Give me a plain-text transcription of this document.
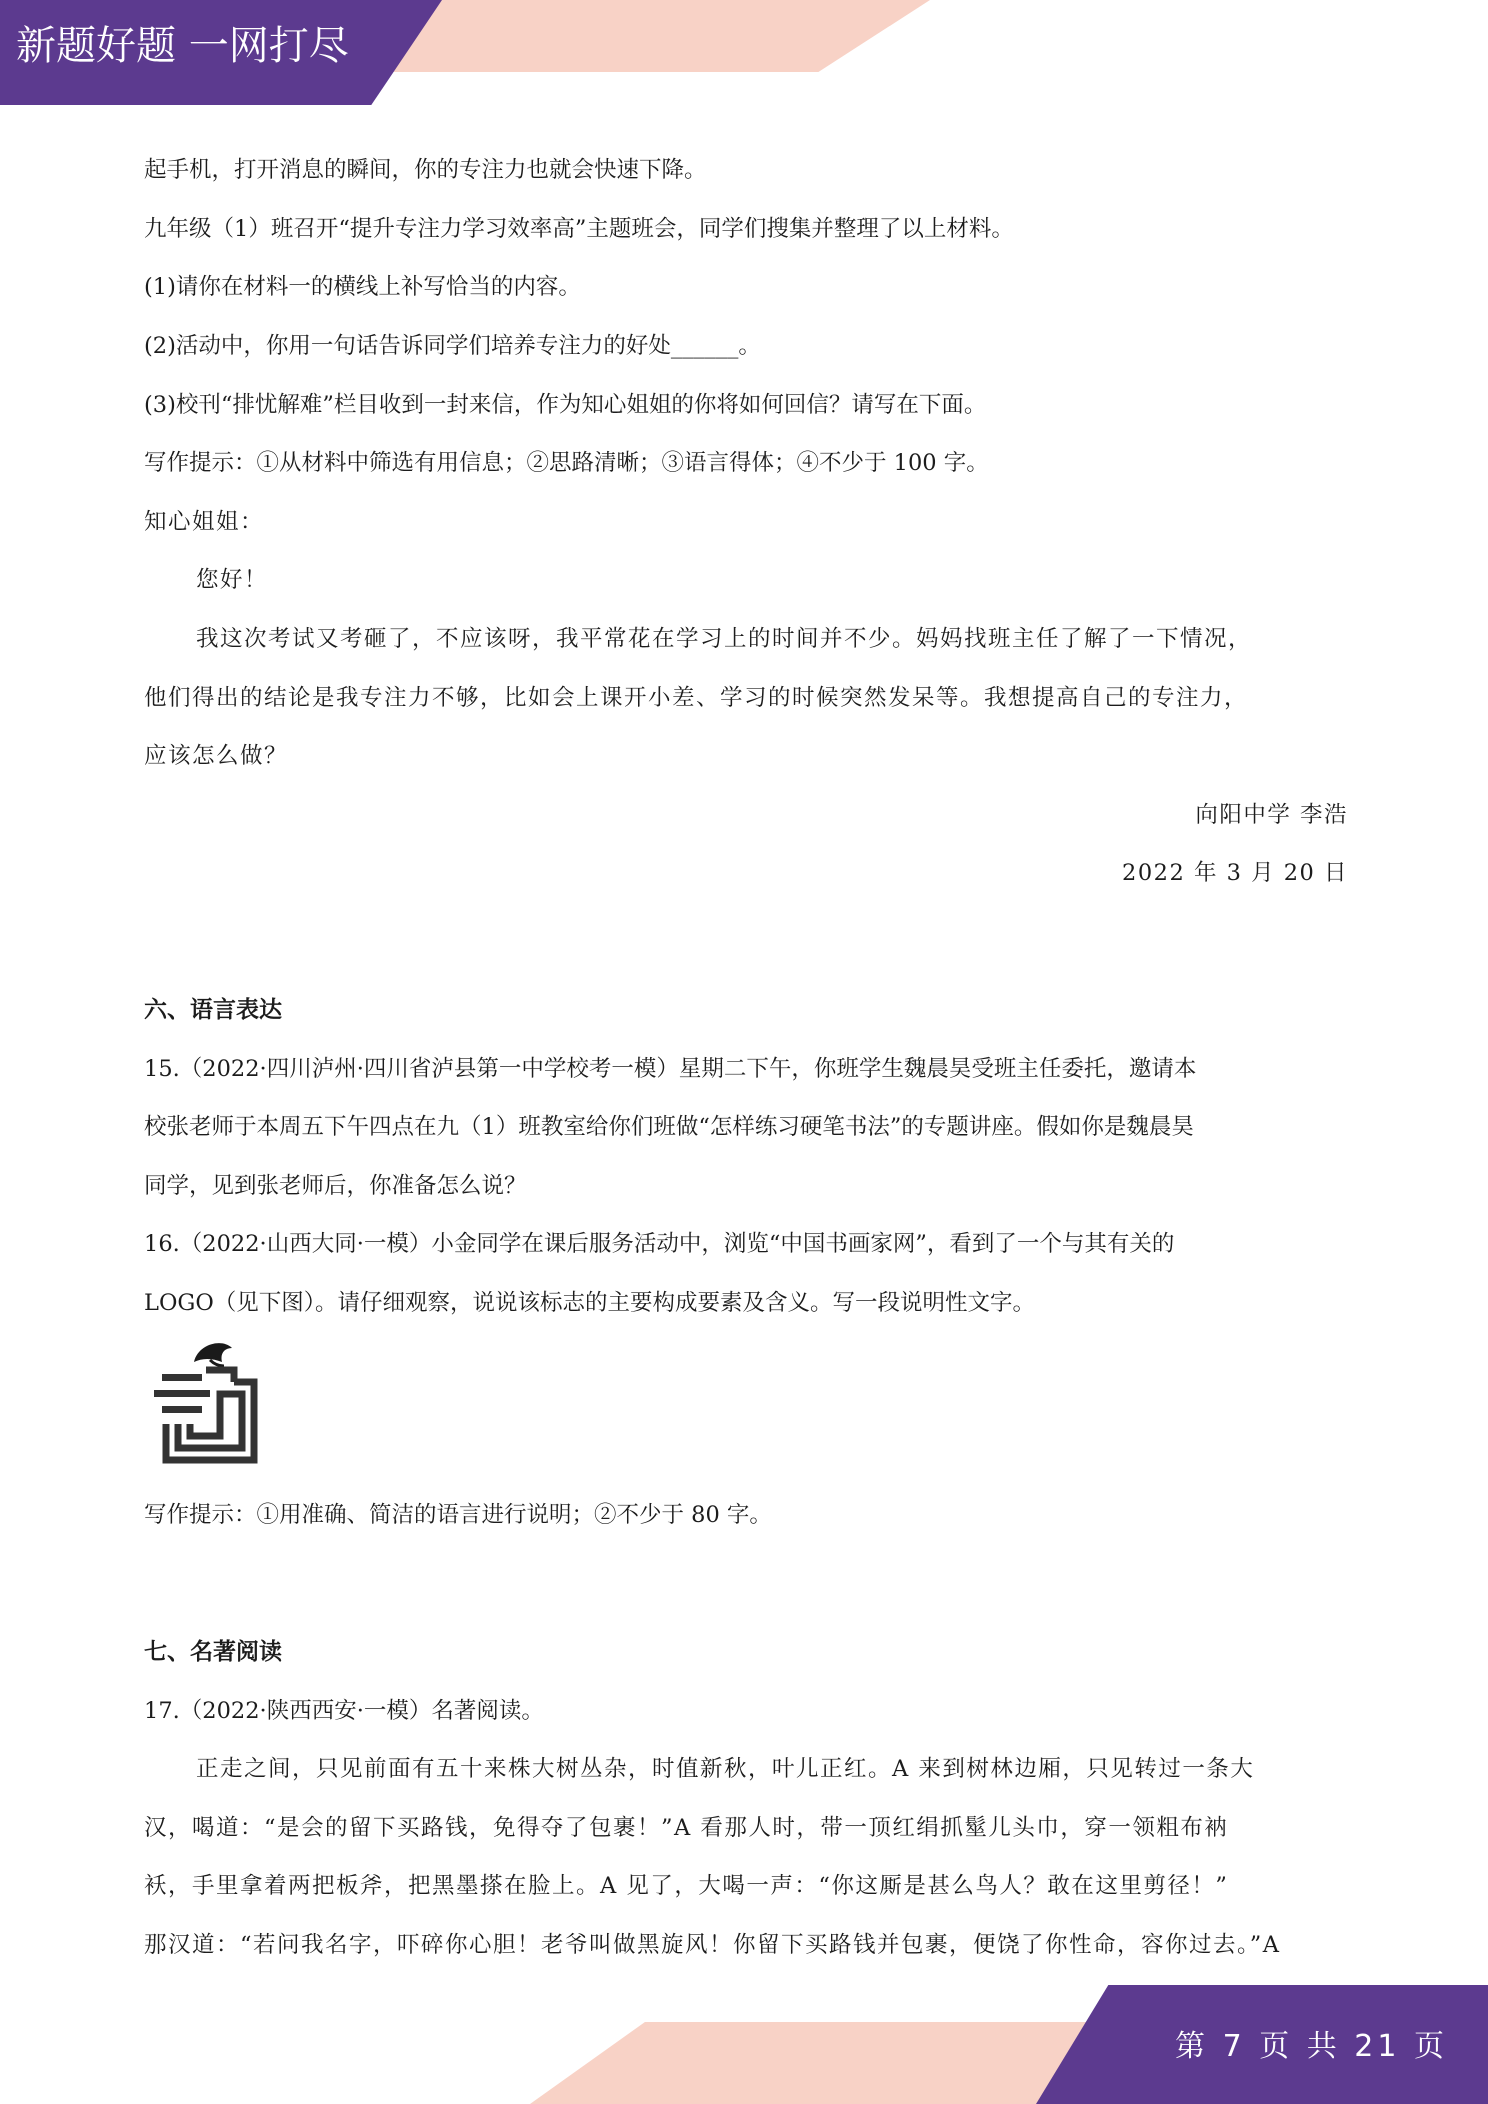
新题好题 一网打尽
起手机，打开消息的瞬间，你的专注力也就会快速下降。
九年级（1）班召开“提升专注力学习效率高”主题班会，同学们搜集并整理了以上材料。
(1)请你在材料一的横线上补写恰当的内容。
(2)活动中，你用一句话告诉同学们培养专注力的好处______。
(3)校刊“排忧解难”栏目收到一封来信，作为知心姐姐的你将如何回信？请写在下面。
写作提示：①从材料中筛选有用信息；②思路清晰；③语言得体；④不少于 100 字。
知心姐姐：
您好！
我这次考试又考砸了，不应该呀，我平常花在学习上的时间并不少。妈妈找班主任了解了一下情况，
他们得出的结论是我专注力不够，比如会上课开小差、学习的时候突然发呆等。我想提高自己的专注力，
应该怎么做？
向阳中学 李浩
2022 年 3 月 20 日
六、语言表达
15.（2022·四川泸州·四川省泸县第一中学校考一模）星期二下午，你班学生魏晨昊受班主任委托，邀请本
校张老师于本周五下午四点在九（1）班教室给你们班做“怎样练习硬笔书法”的专题讲座。假如你是魏晨昊
同学，见到张老师后，你准备怎么说？
16.（2022·山西大同·一模）小金同学在课后服务活动中，浏览“中国书画家网”，看到了一个与其有关的
LOGO（见下图）。请仔细观察，说说该标志的主要构成要素及含义。写一段说明性文字。
写作提示：①用准确、简洁的语言进行说明；②不少于 80 字。
七、名著阅读
17.（2022·陕西西安·一模）名著阅读。
正走之间，只见前面有五十来株大树丛杂，时值新秋，叶儿正红。A 来到树林边厢，只见转过一条大
汉，喝道：“是会的留下买路钱，免得夺了包裹！”A 看那人时，带一顶红绢抓髽儿头巾，穿一领粗布衲
袄，手里拿着两把板斧，把黑墨搽在脸上。A 见了，大喝一声：“你这厮是甚么鸟人？敢在这里剪径！”
那汉道：“若问我名字，吓碎你心胆！老爷叫做黑旋风！你留下买路钱并包裹，便饶了你性命，容你过去。”A
第 7 页 共 21 页
